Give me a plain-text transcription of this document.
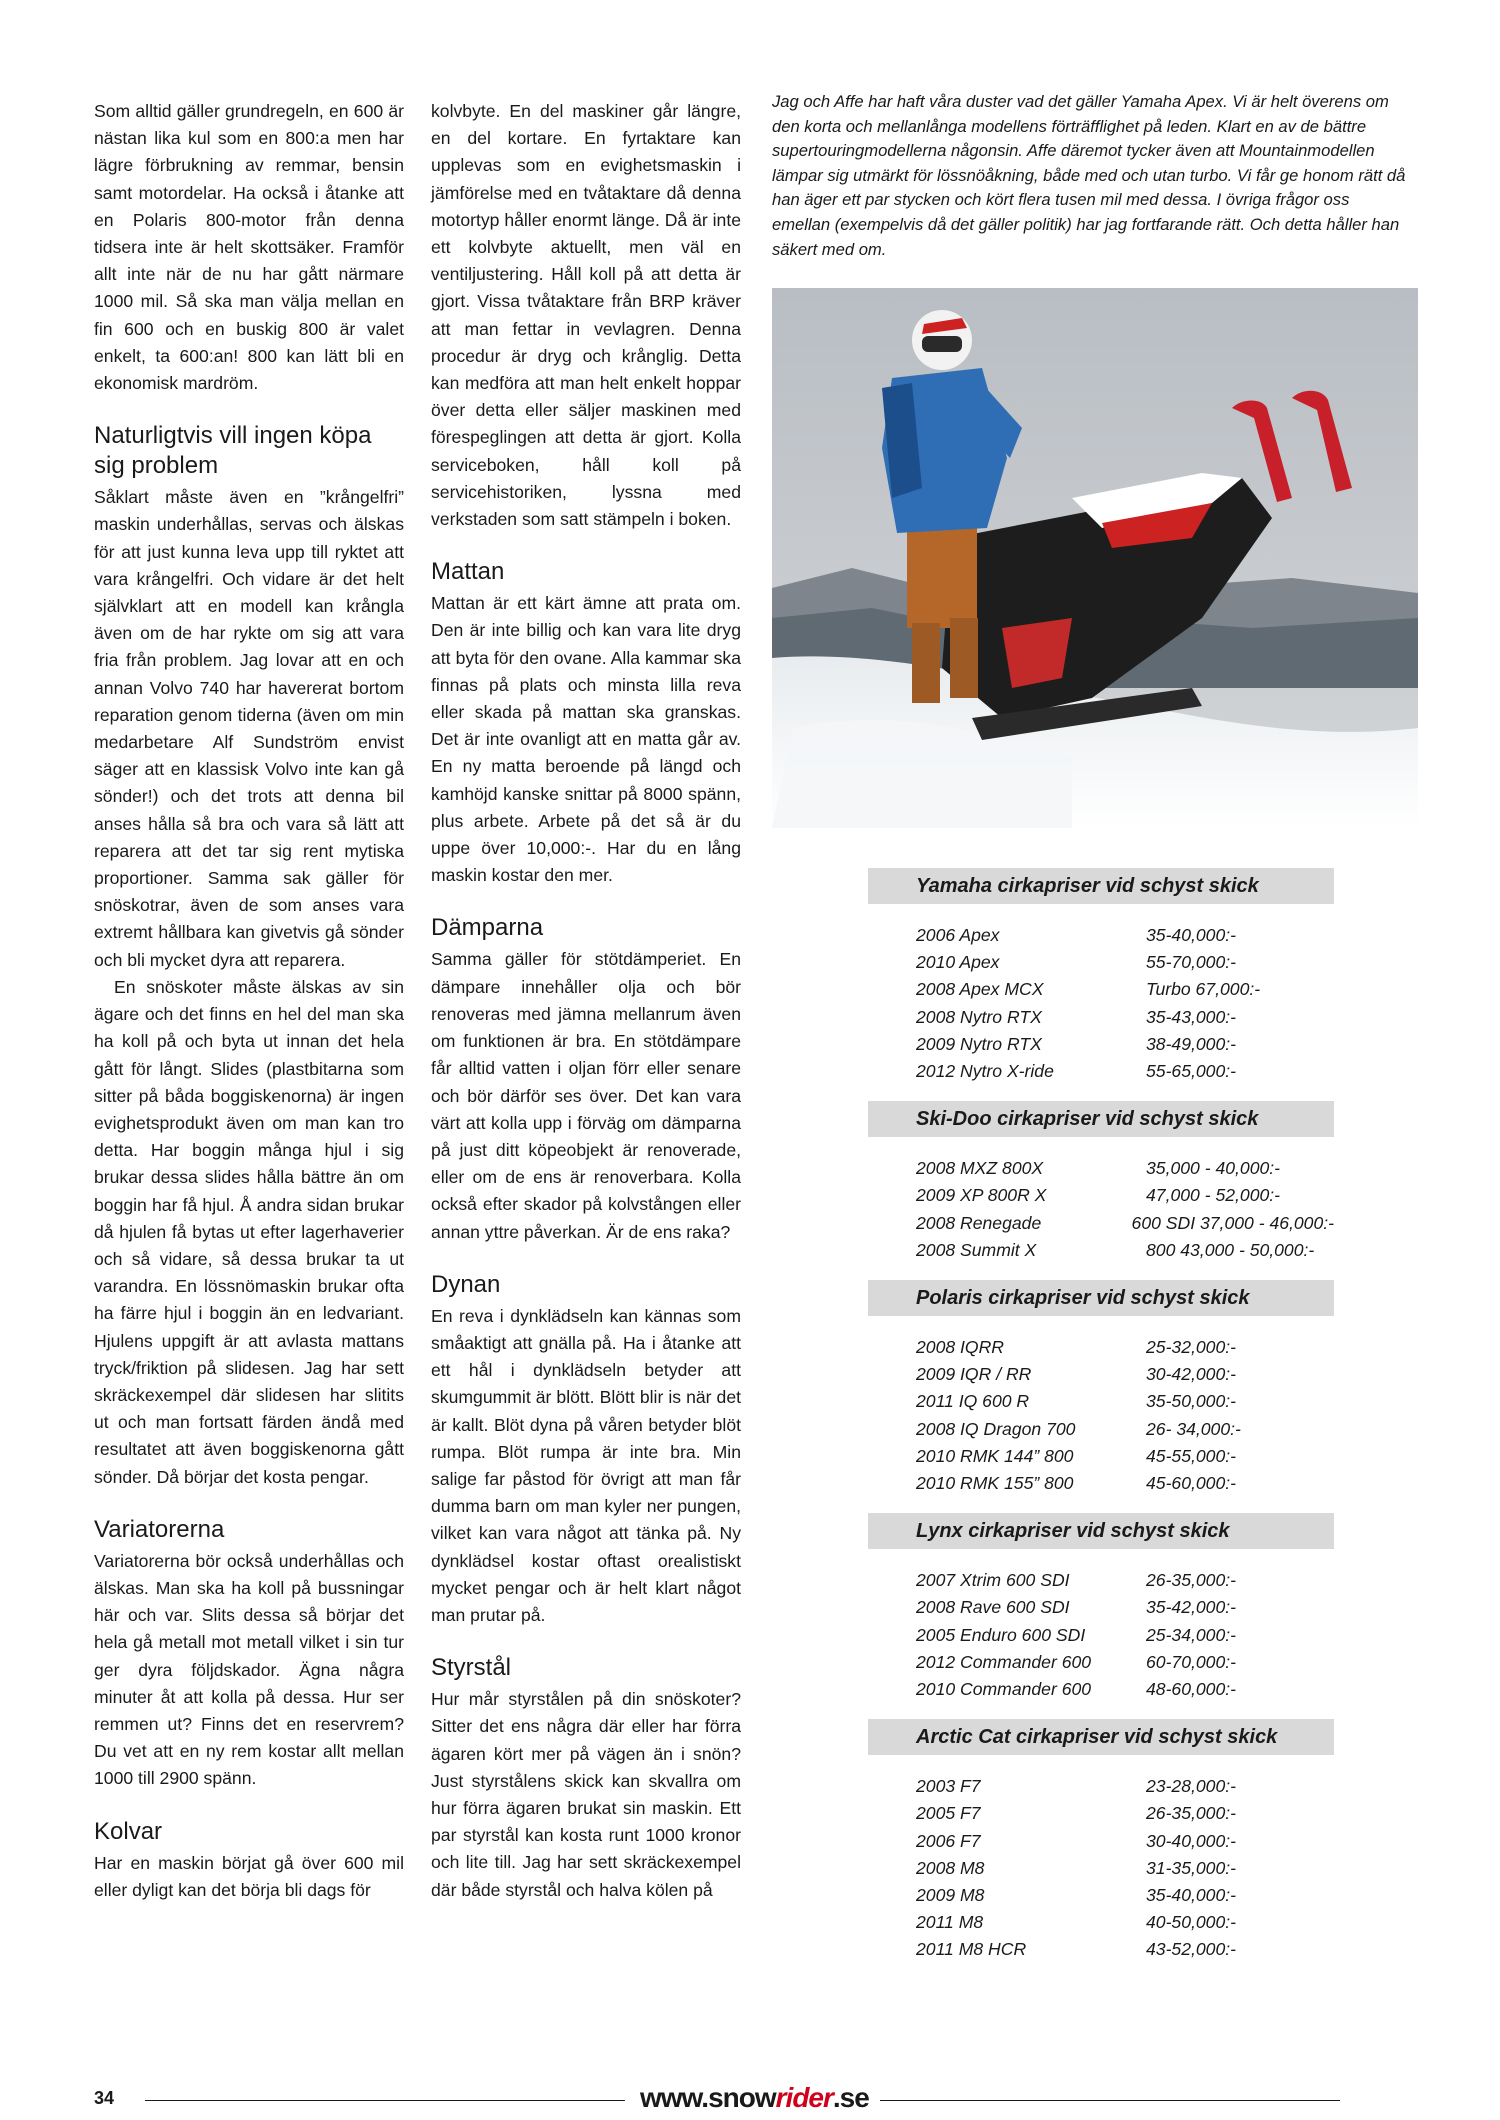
Som alltid gäller grundregeln, en 600 är nästan lika kul som en 800:a men har lägre förbrukning av remmar, bensin samt motordelar. Ha också i åtanke att en Polaris 800-motor från denna tidsera inte är helt skottsäker. Framför allt inte när de nu har gått närmare 1000 mil. Så ska man välja mellan en fin 600 och en buskig 800 är valet enkelt, ta 600:an! 800 kan lätt bli en ekonomisk mardröm.

Naturligtvis vill ingen köpa sig problem

Såklart måste även en ”krångelfri” maskin underhållas, servas och älskas för att just kunna leva upp till ryktet att vara krångelfri. Och vidare är det helt självklart att en modell kan krångla även om de har rykte om sig att vara fria från problem. Jag lovar att en och annan Volvo 740 har havererat bortom reparation genom tiderna (även om min medarbetare Alf Sundström envist säger att en klassisk Volvo inte kan gå sönder!) och det trots att denna bil anses hålla så bra och vara så lätt att reparera att det tar sig rent mytiska proportioner. Samma sak gäller för snöskotrar, även de som anses vara extremt hållbara kan givetvis gå sönder och bli mycket dyra att reparera.

En snöskoter måste älskas av sin ägare och det finns en hel del man ska ha koll på och byta ut innan det hela gått för långt. Slides (plastbitarna som sitter på båda boggiskenorna) är ingen evighetsprodukt även om man kan tro detta. Har boggin många hjul i sig brukar dessa slides hålla bättre än om boggin har få hjul. Å andra sidan brukar då hjulen få bytas ut efter lagerhaverier och så vidare, så dessa brukar ta ut varandra. En lössnömaskin brukar ofta ha färre hjul i boggin än en ledvariant. Hjulens uppgift är att avlasta mattans tryck/friktion på slidesen. Jag har sett skräckexempel där slidesen har slitits ut och man fortsatt färden ändå med resultatet att även boggiskenorna gått sönder. Då börjar det kosta pengar.

Variatorerna

Variatorerna bör också underhållas och älskas. Man ska ha koll på bussningar här och var. Slits dessa så börjar det hela gå metall mot metall vilket i sin tur ger dyra följdskador. Ägna några minuter åt att kolla på dessa. Hur ser remmen ut? Finns det en reservrem? Du vet att en ny rem kostar allt mellan 1000 till 2900 spänn.

Kolvar

Har en maskin börjat gå över 600 mil eller dyligt kan det börja bli dags för

kolvbyte. En del maskiner går längre, en del kortare. En fyrtaktare kan upplevas som en evighetsmaskin i jämförelse med en tvåtaktare då denna motortyp håller enormt länge. Då är inte ett kolvbyte aktuellt, men väl en ventiljustering. Håll koll på att detta är gjort. Vissa tvåtaktare från BRP kräver att man fettar in vevlagren. Denna procedur är dryg och krånglig. Detta kan medföra att man helt enkelt hoppar över detta eller säljer maskinen med förespeglingen att detta är gjort. Kolla serviceboken, håll koll på servicehistoriken, lyssna med verkstaden som satt stämpeln i boken.

Mattan

Mattan är ett kärt ämne att prata om. Den är inte billig och kan vara lite dryg att byta för den ovane. Alla kammar ska finnas på plats och minsta lilla reva eller skada på mattan ska granskas. Det är inte ovanligt att en matta går av. En ny matta beroende på längd och kamhöjd kanske snittar på 8000 spänn, plus arbete. Arbete på det så är du uppe över 10,000:-. Har du en lång maskin kostar den mer.

Dämparna

Samma gäller för stötdämperiet. En dämpare innehåller olja och bör renoveras med jämna mellanrum även om funktionen är bra. En stötdämpare får alltid vatten i oljan förr eller senare och bör därför ses över. Det kan vara värt att kolla upp i förväg om dämparna på just ditt köpeobjekt är renoverade, eller om de ens är renoverbara. Kolla också efter skador på kolvstången eller annan yttre påverkan. Är de ens raka?

Dynan

En reva i dynklädseln kan kännas som småaktigt att gnälla på. Ha i åtanke att ett hål i dynklädseln betyder att skumgummit är blött. Blött blir is när det är kallt. Blöt dyna på våren betyder blöt rumpa. Blöt rumpa är inte bra. Min salige far påstod för övrigt att man får dumma barn om man kyler ner pungen, vilket kan vara något att tänka på. Ny dynklädsel kostar oftast orealistiskt mycket pengar och är helt klart något man prutar på.

Styrstål

Hur mår styrstålen på din snöskoter? Sitter det ens några där eller har förra ägaren kört mer på vägen än i snön? Just styrstålens skick kan skvallra om hur förra ägaren brukat sin maskin. Ett par styrstål kan kosta runt 1000 kronor och lite till. Jag har sett skräckexempel där både styrstål och halva kölen på

Jag och Affe har haft våra duster vad det gäller Yamaha Apex. Vi är helt överens om den korta och mellanlånga modellens förträfflighet på leden. Klart en av de bättre supertouringmodellerna någonsin. Affe däremot tycker även att Mountainmodellen lämpar sig utmärkt för lössnöåkning, både med och utan turbo. Vi får ge honom rätt då han äger ett par stycken och kört flera tusen mil med dessa. I övriga frågor oss emellan (exempelvis då det gäller politik) har jag fortfarande rätt. Och detta håller han säkert med om.
Yamaha cirkapriser vid schyst skick
2006 Apex	35-40,000:-
2010 Apex	55-70,000:-
2008 Apex MCX	Turbo 67,000:-
2008 Nytro RTX	35-43,000:-
2009 Nytro RTX	38-49,000:-
2012 Nytro X-ride	55-65,000:-
Ski-Doo cirkapriser vid schyst skick
2008 MXZ 800X	35,000 - 40,000:-
2009 XP 800R X	47,000 - 52,000:-
2008 Renegade	600 SDI 37,000 - 46,000:-
2008 Summit X	800 43,000 - 50,000:-
Polaris cirkapriser vid schyst skick
2008 IQRR	25-32,000:-
2009 IQR / RR	30-42,000:-
2011 IQ 600 R	35-50,000:-
2008 IQ Dragon 700	26- 34,000:-
2010 RMK 144” 800	45-55,000:-
2010 RMK 155” 800	45-60,000:-
Lynx cirkapriser vid schyst skick
2007 Xtrim 600 SDI	26-35,000:-
2008 Rave 600 SDI	35-42,000:-
2005 Enduro 600 SDI	25-34,000:-
2012 Commander 600	60-70,000:-
2010 Commander 600	48-60,000:-
Arctic Cat cirkapriser vid schyst skick
2003 F7	23-28,000:-
2005 F7	26-35,000:-
2006 F7	30-40,000:-
2008 M8	31-35,000:-
2009 M8	35-40,000:-
2011 M8	40-50,000:-
2011 M8 HCR	43-52,000:-
34	www.snowrider.se
